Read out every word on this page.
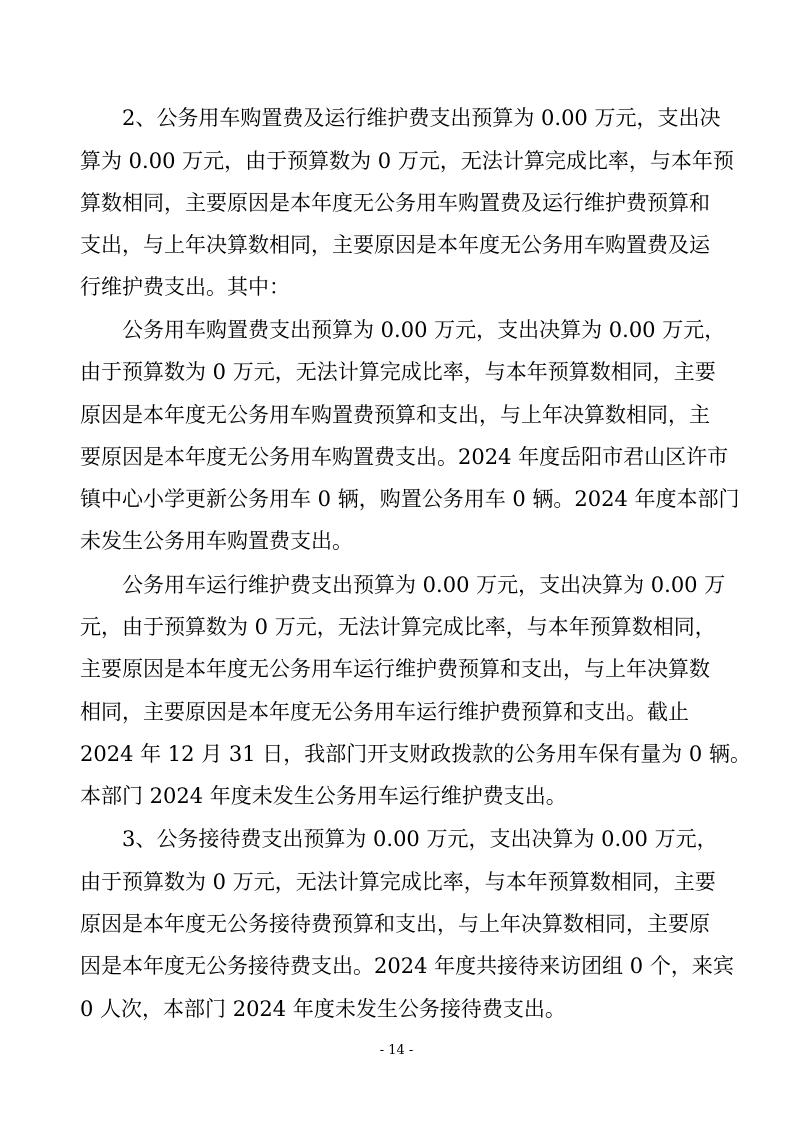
2、公务用车购置费及运行维护费支出预算为 0.00 万元，支出决
算为 0.00 万元，由于预算数为 0 万元，无法计算完成比率，与本年预
算数相同，主要原因是本年度无公务用车购置费及运行维护费预算和
支出，与上年决算数相同，主要原因是本年度无公务用车购置费及运
行维护费支出。其中：
公务用车购置费支出预算为 0.00 万元，支出决算为 0.00 万元，
由于预算数为 0 万元，无法计算完成比率，与本年预算数相同，主要
原因是本年度无公务用车购置费预算和支出，与上年决算数相同，主
要原因是本年度无公务用车购置费支出。2024 年度岳阳市君山区许市
镇中心小学更新公务用车 0 辆，购置公务用车 0 辆。2024 年度本部门
未发生公务用车购置费支出。
公务用车运行维护费支出预算为 0.00 万元，支出决算为 0.00 万
元，由于预算数为 0 万元，无法计算完成比率，与本年预算数相同，
主要原因是本年度无公务用车运行维护费预算和支出，与上年决算数
相同，主要原因是本年度无公务用车运行维护费预算和支出。截止
2024 年 12 月 31 日，我部门开支财政拨款的公务用车保有量为 0 辆。
本部门 2024 年度未发生公务用车运行维护费支出。
3、公务接待费支出预算为 0.00 万元，支出决算为 0.00 万元，
由于预算数为 0 万元，无法计算完成比率，与本年预算数相同，主要
原因是本年度无公务接待费预算和支出，与上年决算数相同，主要原
因是本年度无公务接待费支出。2024 年度共接待来访团组 0 个，来宾
0 人次，本部门 2024 年度未发生公务接待费支出。
- 14 -
